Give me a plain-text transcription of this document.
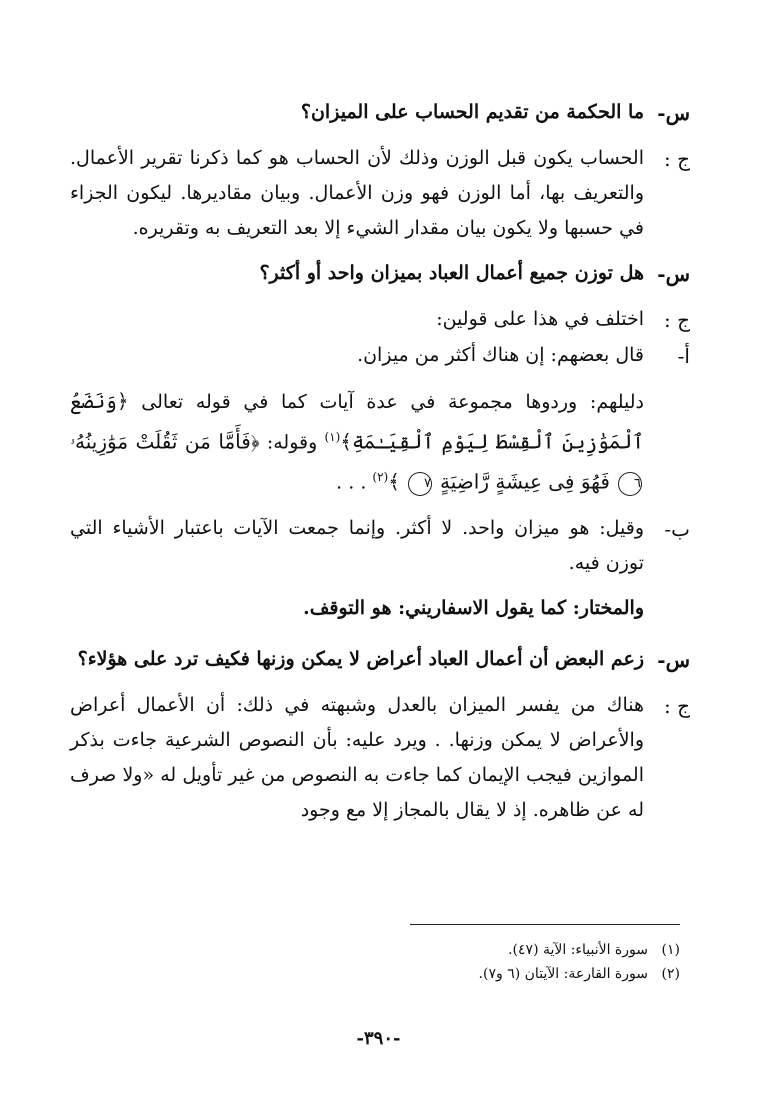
س-
ما الحكمة من تقديم الحساب على الميزان؟
ج :
الحساب يكون قبل الوزن وذلك لأن الحساب هو كما ذكرنا تقرير الأعمال. والتعريف بها، أما الوزن فهو وزن الأعمال. وبيان مقاديرها. ليكون الجزاء في حسبها ولا يكون بيان مقدار الشيء إلا بعد التعريف به وتقريره.
س-
هل توزن جميع أعمال العباد بميزان واحد أو أكثر؟
ج :
اختلف في هذا على قولين:
أ-
قال بعضهم: إن هناك أكثر من ميزان.
دليلهم: وردوها مجموعة في عدة آيات كما في قوله تعالى ﴿وَنَضَعُ ٱلْمَوَٰزِينَ ٱلْقِسْطَ لِيَوْمِ ٱلْقِيَـٰمَةِ﴾$^{(١)}$ وقوله: ﴿فَأَمَّا مَن ثَقُلَتْ مَوَٰزِينُهُۥ ٦ فَهُوَ فِى عِيشَةٍ رَّاضِيَةٍ ٧ ﴾$^{(٢)}$ . . .
ب-
وقيل: هو ميزان واحد. لا أكثر. وإنما جمعت الآيات باعتبار الأشياء التي توزن فيه.
والمختار: كما يقول الاسفاريني: هو التوقف.
س-
زعم البعض أن أعمال العباد أعراض لا يمكن وزنها فكيف ترد على هؤلاء؟
ج :
هناك من يفسر الميزان بالعدل وشبهته في ذلك: أن الأعمال أعراض والأعراض لا يمكن وزنها. . ويرد عليه: بأن النصوص الشرعية جاءت بذكر الموازين فيجب الإيمان كما جاءت به النصوص من غير تأويل له «ولا صرف له عن ظاهره. إذ لا يقال بالمجاز إلا مع وجود
(١)
سورة الأنبياء: الآية (٤٧).
(٢)
سورة القارعة: الآيتان (٦ و٧).
-٣٩٠-
